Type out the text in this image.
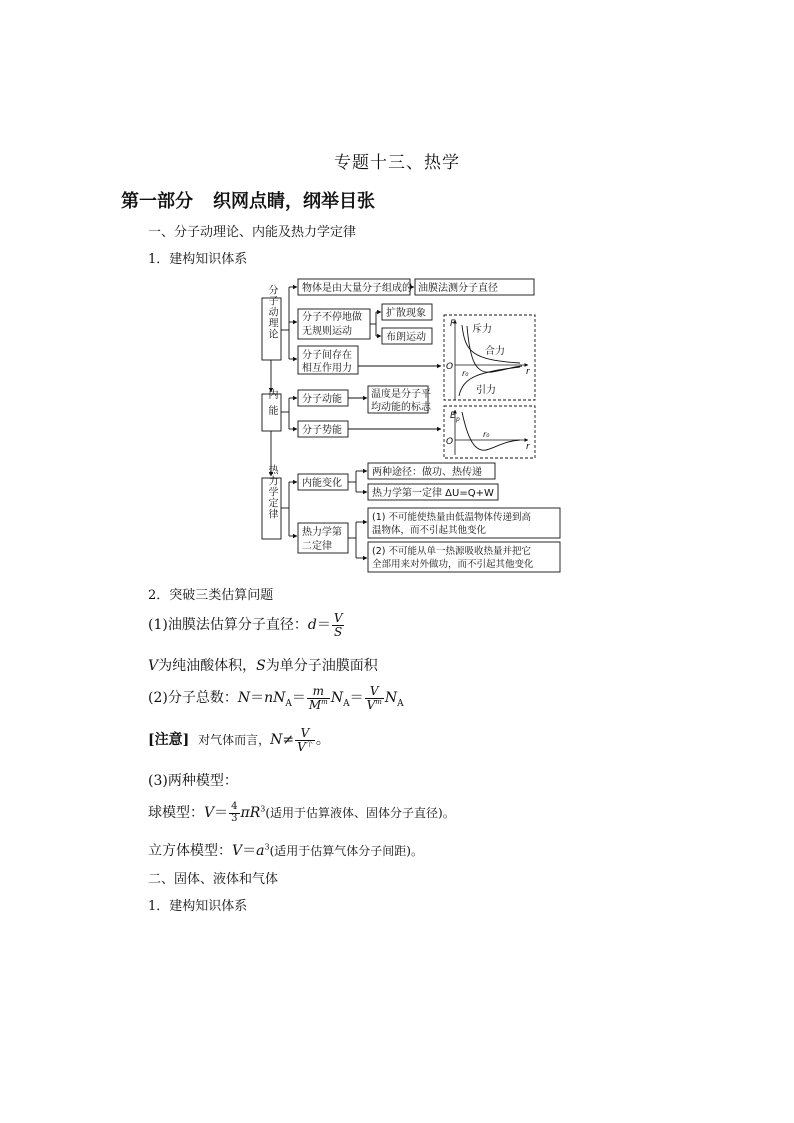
专题十三、热学
第一部分 织网点睛，纲举目张
一、分子动理论、内能及热力学定律
1．建构知识体系
分子动理论
内能
热力学定律
物体是由大量分子组成的 油膜法测分子直径
分子不停地做
无规则运动
扩散现象
布朗运动
分子间存在
相互作用力
分子动能	温度是分子平
均动能的标志
分子势能
内能变化
两种途径：做功、热传递
热力学第一定律 ΔU=Q+W
热力学第
二定律
(1) 不可能使热量由低温物体传递到高
温物体，而不引起其他变化
(2) 不可能从单一热源吸收热量并把它
全部用来对外做功，而不引起其他变化
F
O	r
r₀
斥力
合力
引力
E p
O	r
r₀
2．突破三类估算问题
(1)油膜法估算分子直径：$d= \frac{V}{S}$
V为纯油酸体积，S为单分子油膜面积
(2)分子总数：$N=nN_A= \frac{m}{M^m} N_A= \frac{V}{V^m} N_A$
[注意] 对气体而言，$N\ne \frac{V}{V^个}$ 。
(3)两种模型：
球模型：$V= \frac{4}{3} \pi R^3$(适用于估算液体、固体分子直径)。
立方体模型：$V=a^3$(适用于估算气体分子间距)。
二、固体、液体和气体
1．建构知识体系
